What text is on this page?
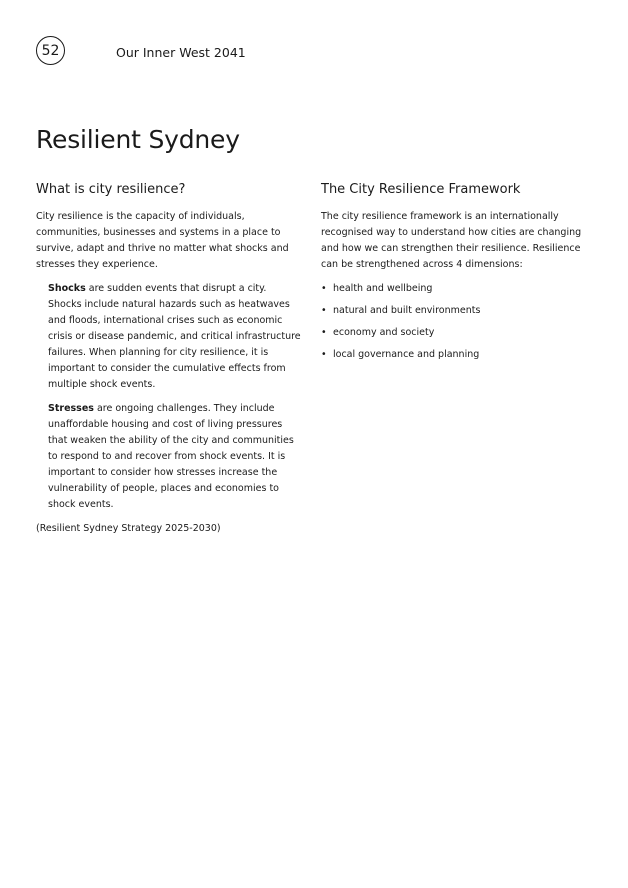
52	Our Inner West 2041
Resilient Sydney
What is city resilience?

City resilience is the capacity of individuals, communities, businesses and systems in a place to survive, adapt and thrive no matter what shocks and stresses they experience.

Shocks are sudden events that disrupt a city. Shocks include natural hazards such as heatwaves and floods, international crises such as economic crisis or disease pandemic, and critical infrastructure failures. When planning for city resilience, it is important to consider the cumulative effects from multiple shock events.

Stresses are ongoing challenges. They include unaffordable housing and cost of living pressures that weaken the ability of the city and communities to respond to and recover from shock events. It is important to consider how stresses increase the vulnerability of people, places and economies to shock events.

(Resilient Sydney Strategy 2025-2030)

The City Resilience Framework

The city resilience framework is an internationally recognised way to understand how cities are changing and how we can strengthen their resilience. Resilience can be strengthened across 4 dimensions:

• health and wellbeing
• natural and built environments
• economy and society
• local governance and planning
